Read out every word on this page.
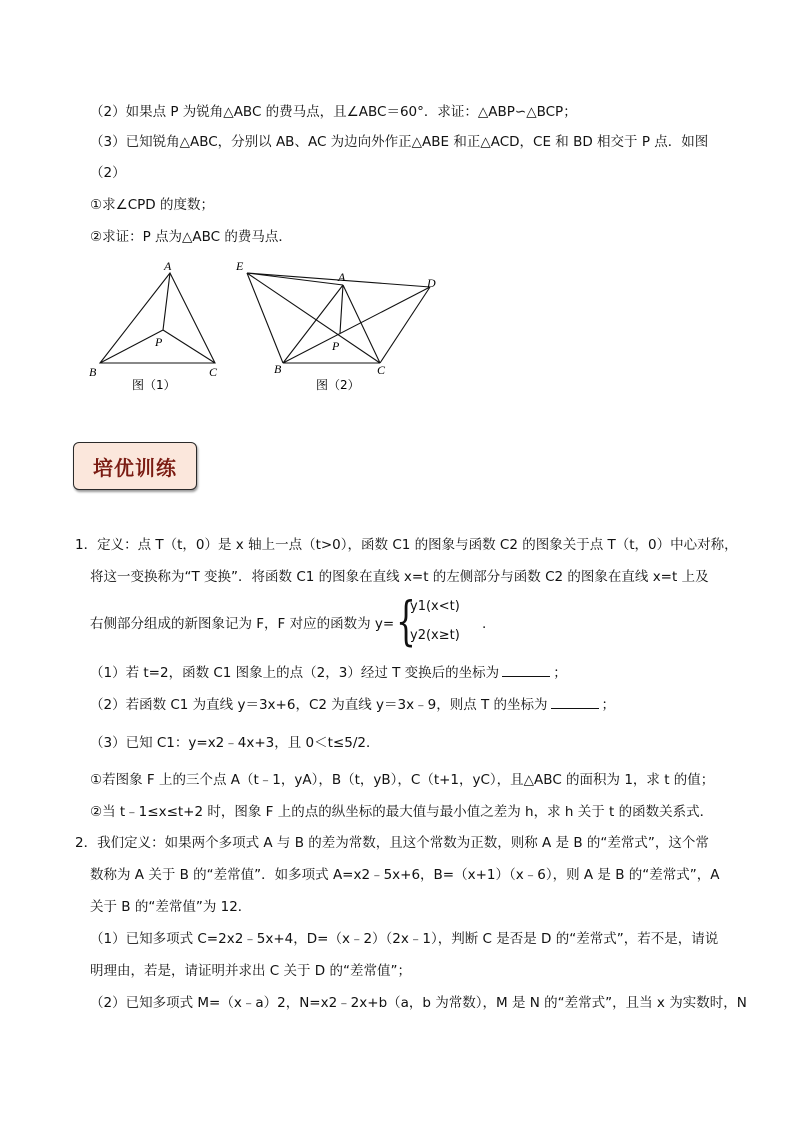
（2）如果点 P 为锐角△ABC 的费马点，且∠ABC＝60°．求证：△ABP∽△BCP；
（3）已知锐角△ABC，分别以 AB、AC 为边向外作正△ABE 和正△ACD，CE 和 BD 相交于 P 点．如图
（2）
①求∠CPD 的度数；
②求证：P 点为△ABC 的费马点．
A
B	C
P
图（1）
E
A	D
B	C
P
图（2）
培优训练
1．定义：点 T（t，0）是 x 轴上一点（t>0），函数 C1 的图象与函数 C2 的图象关于点 T（t，0）中心对称，
将这一变换称为“T 变换”．将函数 C1 的图象在直线 x=t 的左侧部分与函数 C2 的图象在直线 x=t 上及
右侧部分组成的新图象记为 F，F 对应的函数为 y= {
y1(x<t)
y2(x≥t)
.
（1）若 t=2，函数 C1 图象上的点（2，3）经过 T 变换后的坐标为	；
（2）若函数 C1 为直线 y＝3x+6，C2 为直线 y＝3x﹣9，则点 T 的坐标为	；
（3）已知 C1：y=x2﹣4x+3，且 0＜t≤5/2．
①若图象 F 上的三个点 A（t﹣1，yA），B（t，yB），C（t+1，yC），且△ABC 的面积为 1，求 t 的值；
②当 t﹣1≤x≤t+2 时，图象 F 上的点的纵坐标的最大值与最小值之差为 h，求 h 关于 t 的函数关系式．
2．我们定义：如果两个多项式 A 与 B 的差为常数，且这个常数为正数，则称 A 是 B 的“差常式”，这个常
数称为 A 关于 B 的“差常值”．如多项式 A=x2﹣5x+6，B=（x+1）（x﹣6），则 A 是 B 的“差常式”，A
关于 B 的“差常值”为 12．
（1）已知多项式 C=2x2﹣5x+4，D=（x﹣2）（2x﹣1），判断 C 是否是 D 的“差常式”，若不是，请说
明理由，若是，请证明并求出 C 关于 D 的“差常值”；
（2）已知多项式 M=（x﹣a）2，N=x2﹣2x+b（a，b 为常数），M 是 N 的“差常式”，且当 x 为实数时，N
